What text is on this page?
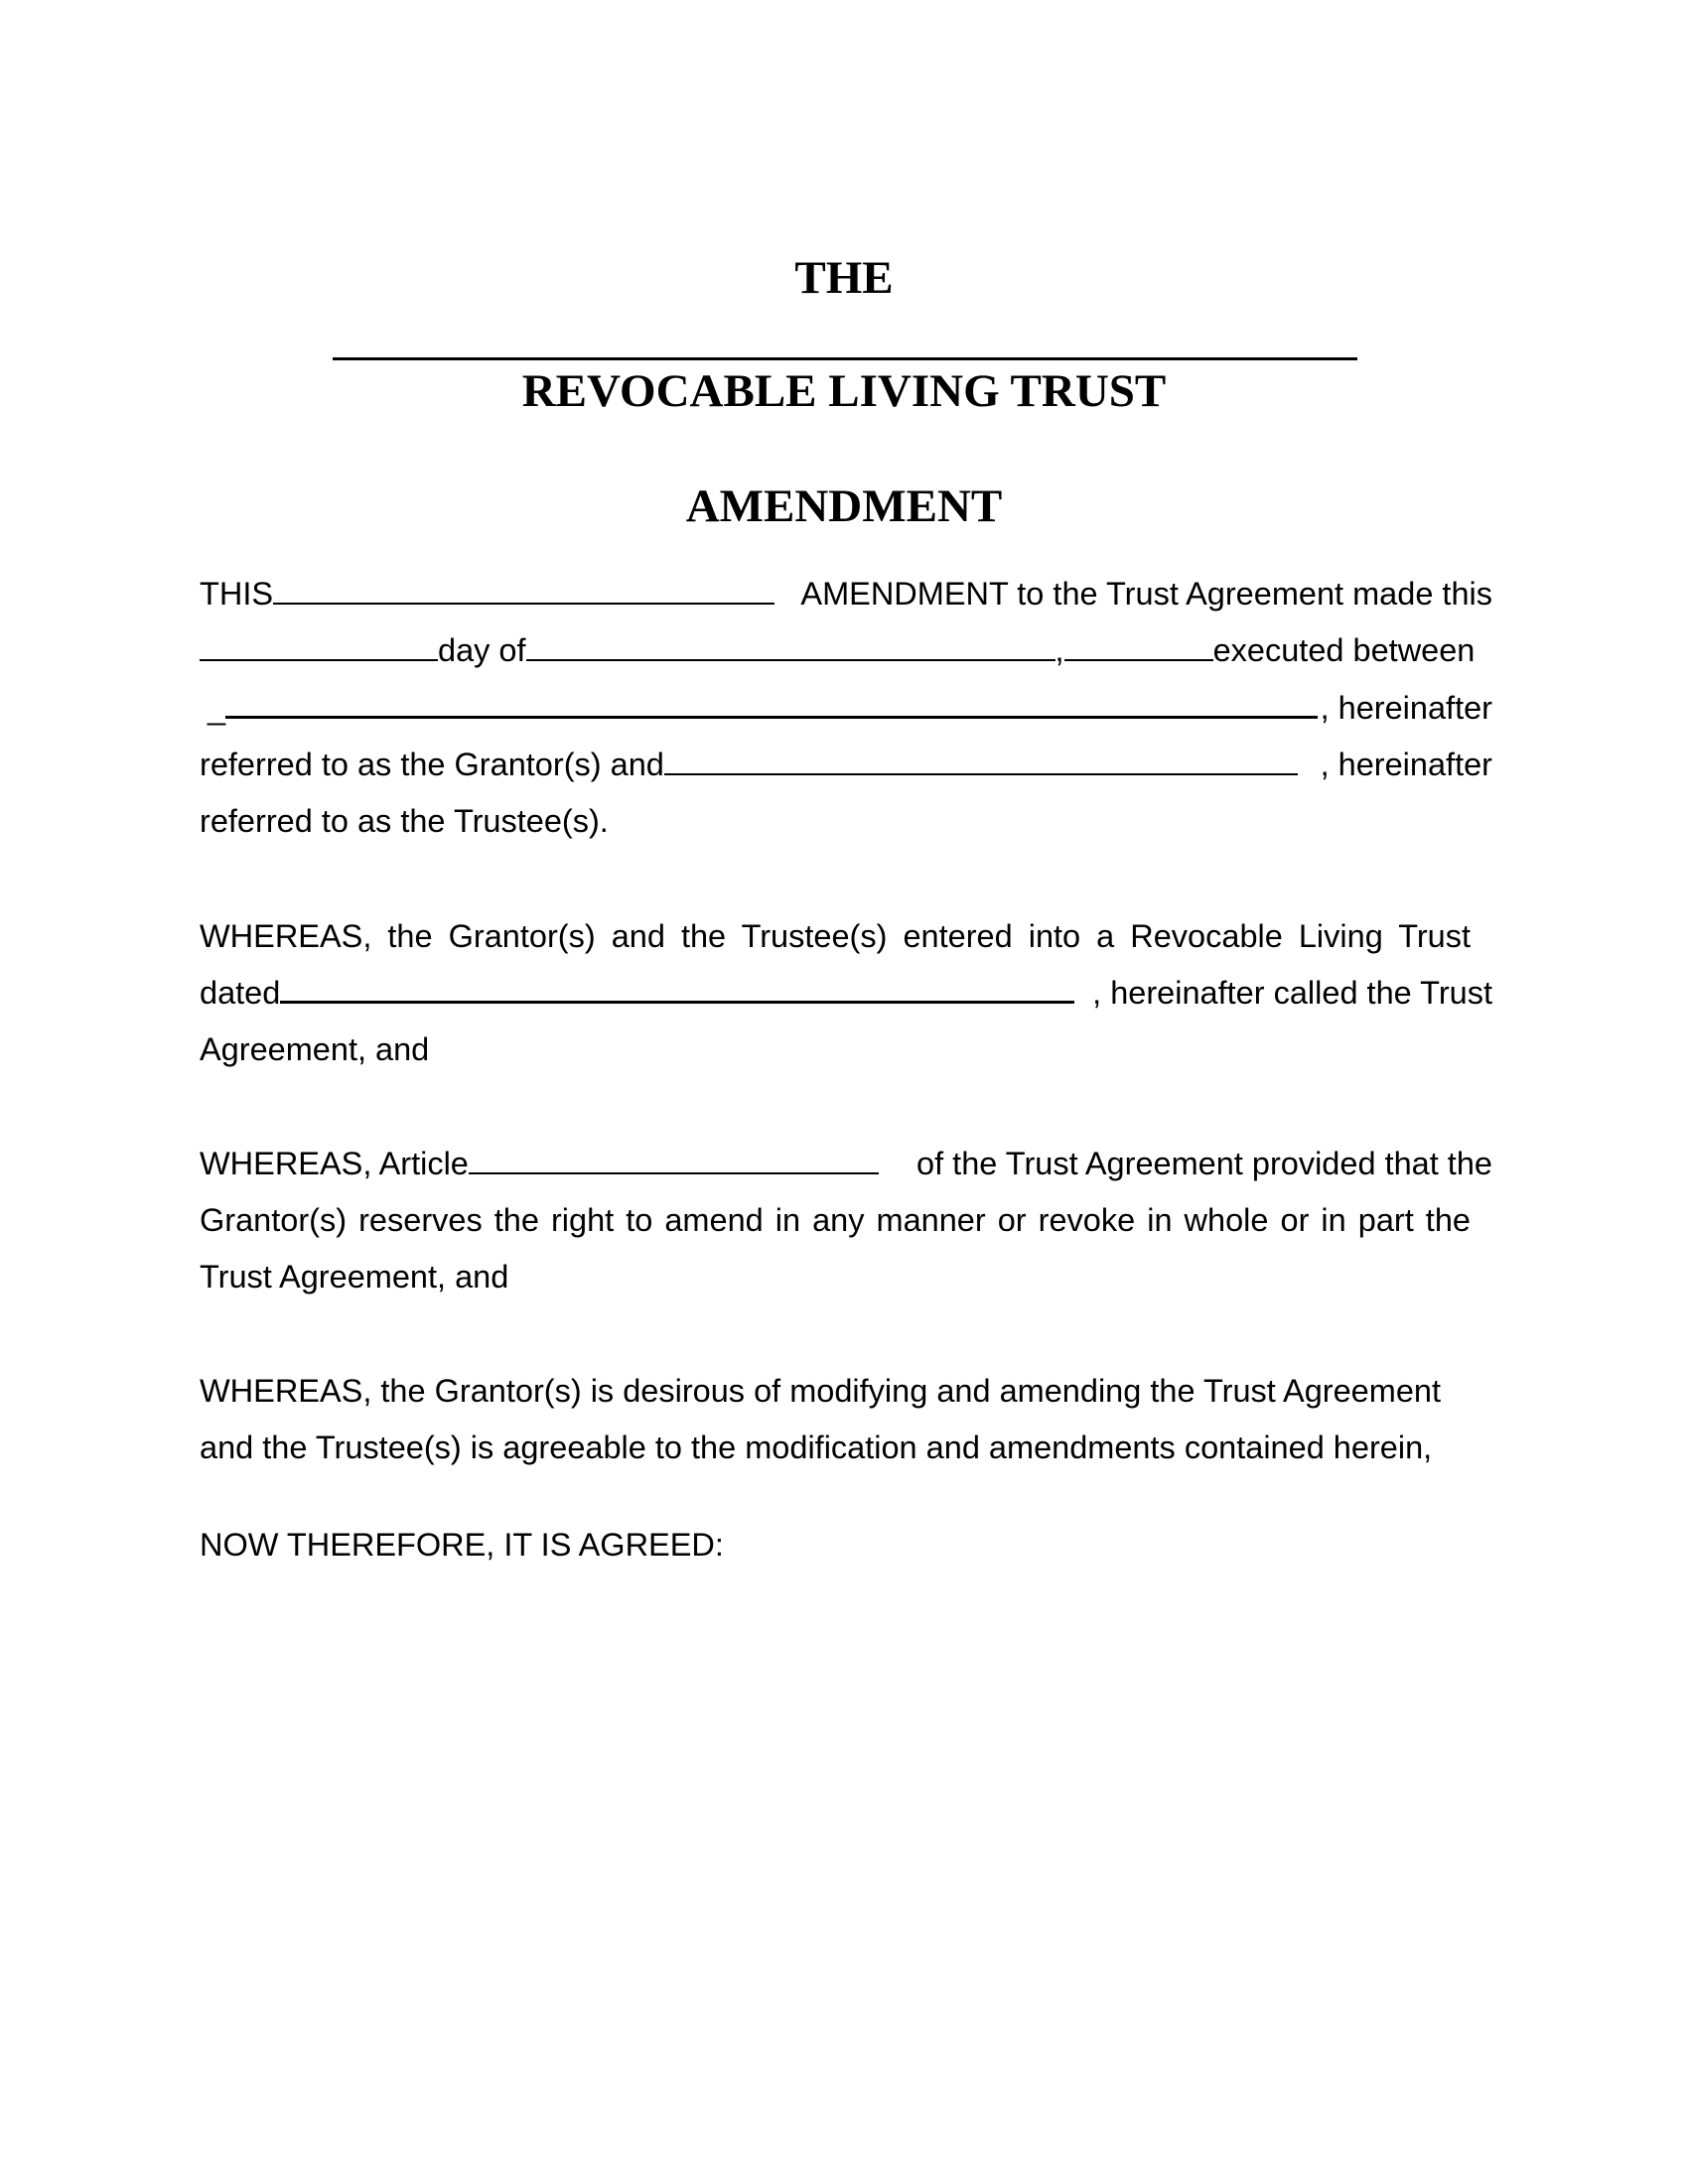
THE
REVOCABLE LIVING TRUST
AMENDMENT
THIS	AMENDMENT to the Trust Agreement made this
day of	,	executed between
_	, hereinafter
referred to as the Grantor(s) and	, hereinafter
referred to as the Trustee(s).
WHEREAS, the Grantor(s) and the Trustee(s) entered into a Revocable Living Trust
dated	, hereinafter called the Trust
Agreement, and
WHEREAS, Article	of the Trust Agreement provided that the
Grantor(s) reserves the right to amend in any manner or revoke in whole or in part the
Trust Agreement, and
WHEREAS, the Grantor(s) is desirous of modifying and amending the Trust Agreement
and the Trustee(s) is agreeable to the modification and amendments contained herein,
NOW THEREFORE, IT IS AGREED:
